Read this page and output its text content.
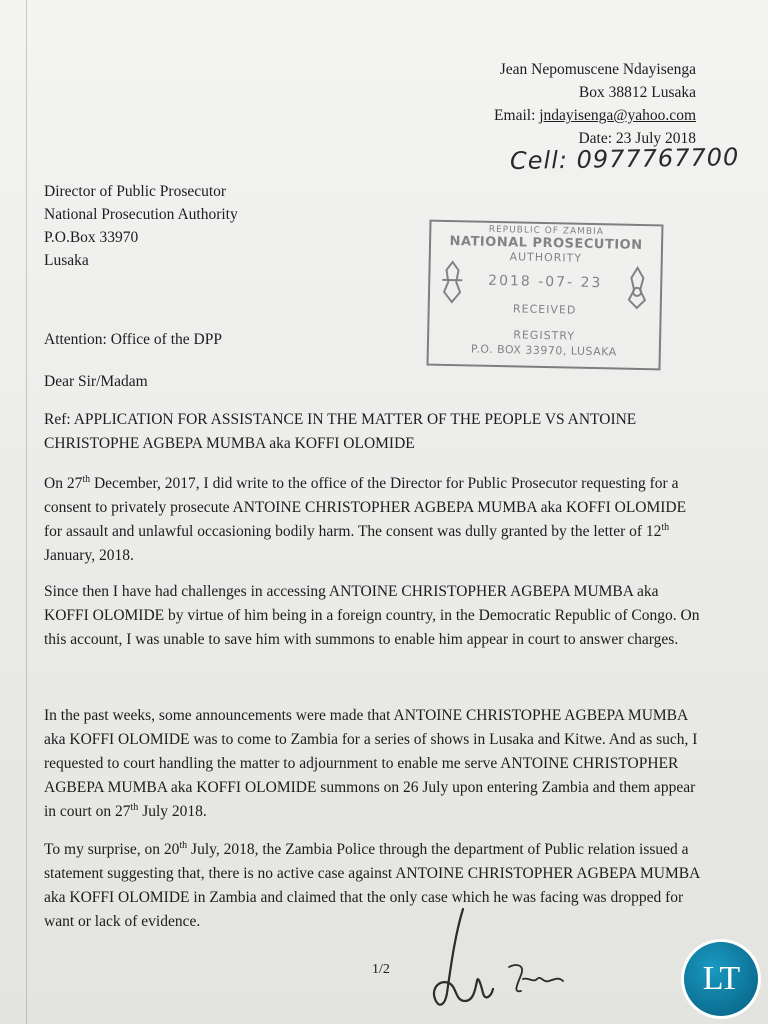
Jean Nepomuscene Ndayisenga
Box 38812 Lusaka
Email: jndayisenga@yahoo.com
Date: 23 July 2018
Cell: 0977767700
Director of Public Prosecutor
National Prosecution Authority
P.O.Box 33970
Lusaka
REPUBLIC OF ZAMBIA
NATIONAL PROSECUTION
AUTHORITY
2018 -07- 23
RECEIVED
REGISTRY
P.O. BOX 33970, LUSAKA
Attention: Office of the DPP
Dear Sir/Madam
Ref: APPLICATION FOR ASSISTANCE IN THE MATTER OF THE PEOPLE VS ANTOINE CHRISTOPHE AGBEPA MUMBA aka KOFFI OLOMIDE

On 27th December, 2017, I did write to the office of the Director for Public Prosecutor requesting for a consent to privately prosecute ANTOINE CHRISTOPHER AGBEPA MUMBA aka KOFFI OLOMIDE for assault and unlawful occasioning bodily harm. The consent was dully granted by the letter of 12th January, 2018.

Since then I have had challenges in accessing ANTOINE CHRISTOPHER AGBEPA MUMBA aka KOFFI OLOMIDE by virtue of him being in a foreign country, in the Democratic Republic of Congo. On this account, I was unable to save him with summons to enable him appear in court to answer charges.

In the past weeks, some announcements were made that ANTOINE CHRISTOPHE AGBEPA MUMBA aka KOFFI OLOMIDE was to come to Zambia for a series of shows in Lusaka and Kitwe. And as such, I requested to court handling the matter to adjournment to enable me serve ANTOINE CHRISTOPHER AGBEPA MUMBA aka KOFFI OLOMIDE summons on 26 July upon entering Zambia and them appear in court on 27th July 2018.

To my surprise, on 20th July, 2018, the Zambia Police through the department of Public relation issued a statement suggesting that, there is no active case against ANTOINE CHRISTOPHER AGBEPA MUMBA aka KOFFI OLOMIDE in Zambia and claimed that the only case which he was facing was dropped for want or lack of evidence.

1/2	LT
